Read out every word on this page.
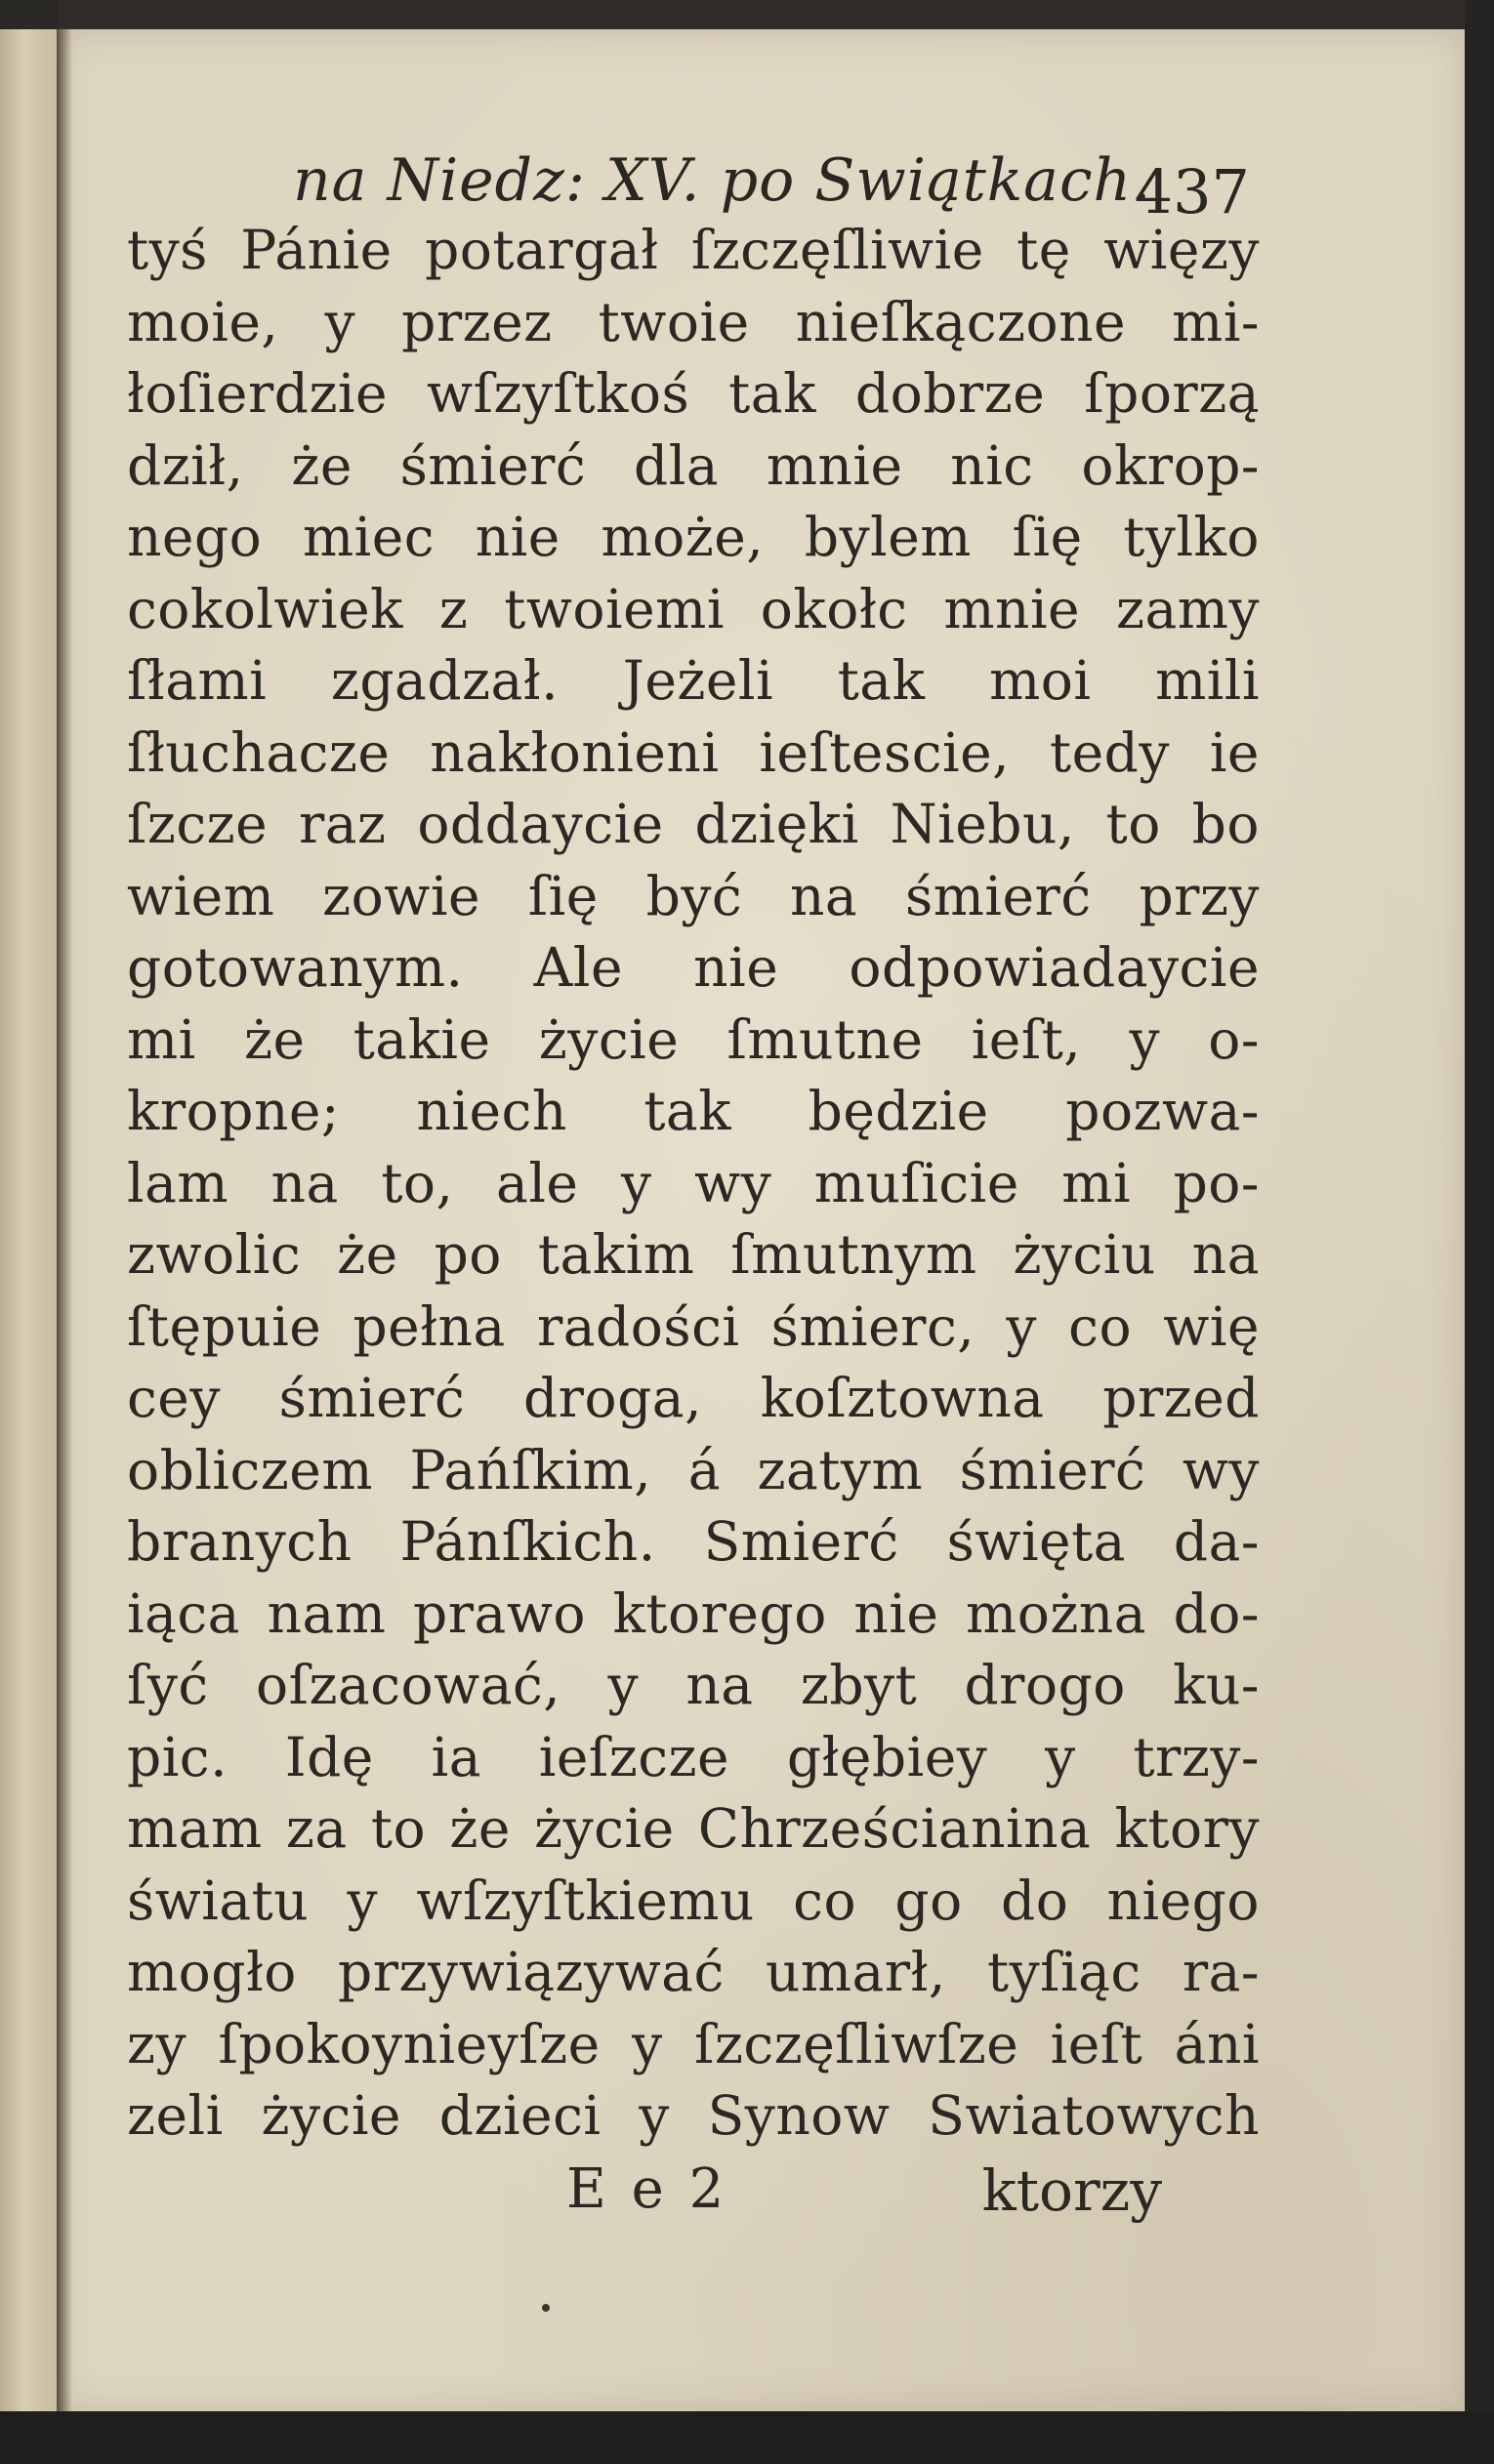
na Niedz: XV. po Swiątkach.
437
tyś Pánie potargał ſzczęſliwie tę więzy
moie, y przez twoie nieſkączone mi-
łoſierdzie wſzyſtkoś tak dobrze ſporzą
dził, że śmierć dla mnie nic okrop-
nego miec nie może, bylem ſię tylko
cokolwiek z twoiemi okołc mnie zamy
ſłami zgadzał. Jeżeli tak moi mili
ſłuchacze nakłonieni ieſtescie, tedy ie
ſzcze raz oddaycie dzięki Niebu, to bo
wiem zowie ſię być na śmierć przy
gotowanym. Ale nie odpowiadaycie
mi że takie życie ſmutne ieſt, y o-
kropne; niech tak będzie pozwa-
lam na to, ale y wy muſicie mi po-
zwolic że po takim ſmutnym życiu na
ſtępuie pełna radości śmierc, y co wię
cey śmierć droga, koſztowna przed
obliczem Pańſkim, á zatym śmierć wy
branych Pánſkich. Smierć święta da-
iąca nam prawo ktorego nie można do-
ſyć oſzacować, y na zbyt drogo ku-
pic. Idę ia ieſzcze głębiey y trzy-
mam za to że życie Chrześcianina ktory
światu y wſzyſtkiemu co go do niego
mogło przywiązywać umarł, tyſiąc ra-
zy ſpokoynieyſze y ſzczęſliwſze ieſt áni
zeli życie dzieci y Synow Swiatowych
E e 2	ktorzy
